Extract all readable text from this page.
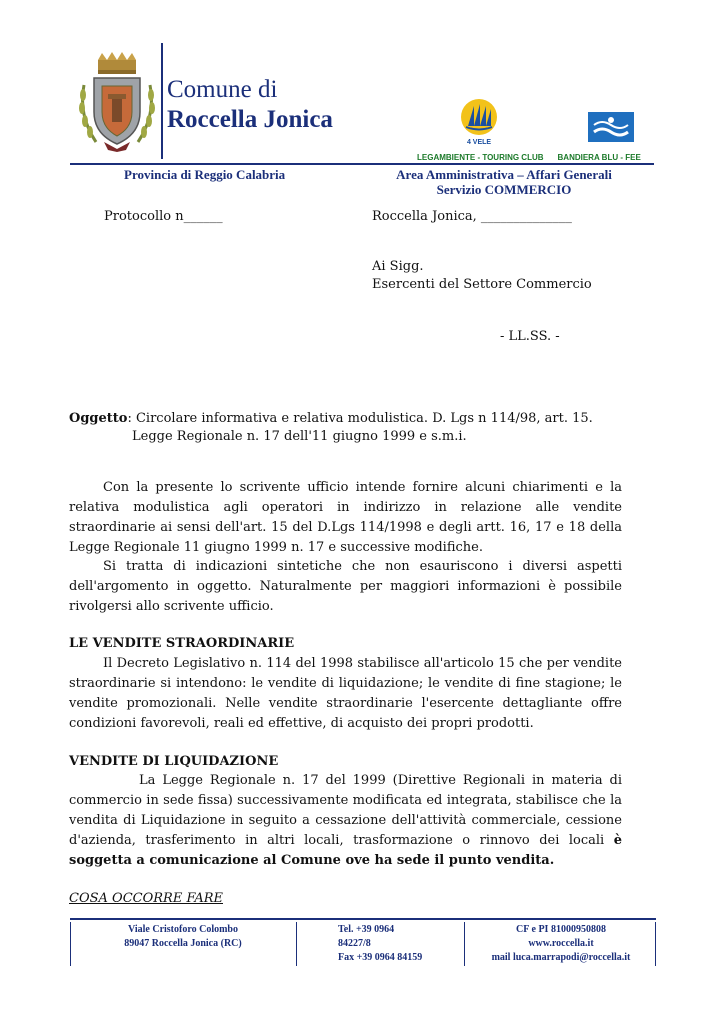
Comune di
Roccella Jonica
4 VELE
LEGAMBIENTE - TOURING CLUB BANDIERA BLU - FEE
Provincia di Reggio Calabria	Area Amministrativa – Affari Generali
Servizio COMMERCIO
Protocollo n______	Roccella Jonica, ______________
Ai Sigg.
Esercenti del Settore Commercio
- LL.SS. -
Oggetto: Circolare informativa e relativa modulistica. D. Lgs n 114/98, art. 15.
Legge Regionale n. 17 dell'11 giugno 1999 e s.m.i.
Con la presente lo scrivente ufficio intende fornire alcuni chiarimenti e la relativa modulistica agli operatori in indirizzo in relazione alle vendite straordinarie ai sensi dell'art. 15 del D.Lgs 114/1998 e degli artt. 16, 17 e 18 della Legge Regionale 11 giugno 1999 n. 17 e successive modifiche.
Si tratta di indicazioni sintetiche che non esauriscono i diversi aspetti dell'argomento in oggetto. Naturalmente per maggiori informazioni è possibile rivolgersi allo scrivente ufficio.
LE VENDITE STRAORDINARIE
Il Decreto Legislativo n. 114 del 1998 stabilisce all'articolo 15 che per vendite straordinarie si intendono: le vendite di liquidazione; le vendite di fine stagione; le vendite promozionali. Nelle vendite straordinarie l'esercente dettagliante offre condizioni favorevoli, reali ed effettive, di acquisto dei propri prodotti.
VENDITE DI LIQUIDAZIONE
La Legge Regionale n. 17 del 1999 (Direttive Regionali in materia di commercio in sede fissa) successivamente modificata ed integrata, stabilisce che la vendita di Liquidazione in seguito a cessazione dell'attività commerciale, cessione d'azienda, trasferimento in altri locali, trasformazione o rinnovo dei locali è soggetta a comunicazione al Comune ove ha sede il punto vendita.
COSA OCCORRE FARE
Viale Cristoforo Colombo
89047 Roccella Jonica (RC)
Tel. +39 0964
84227/8
Fax +39 0964 84159
CF e PI 81000950808
www.roccella.it
mail luca.marrapodi@roccella.it
